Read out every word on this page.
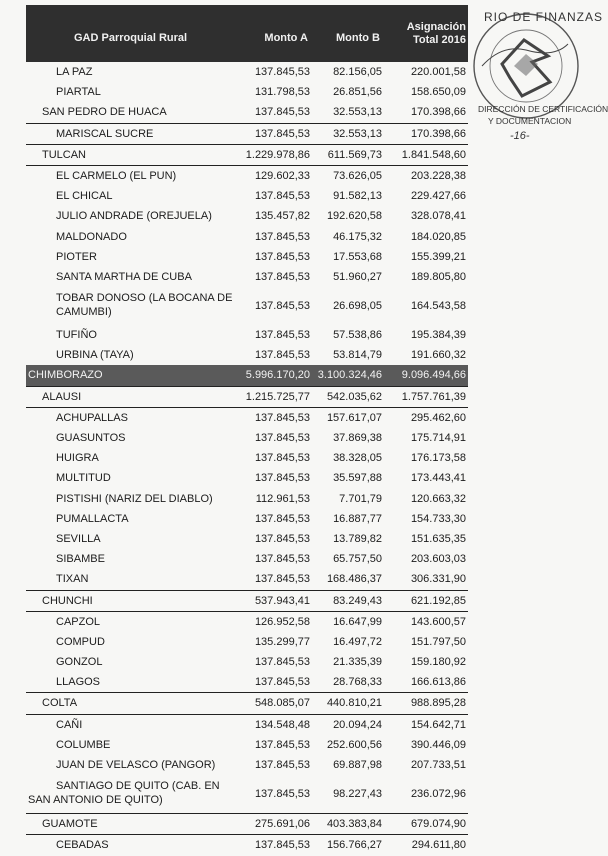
GAD Parroquial Rural	Monto A	Monto B
Asignación
Total 2016
LA PAZ	137.845,53 82.156,05	220.001,58
PIARTAL	131.798,53 26.851,56	158.650,09
SAN PEDRO DE HUACA	137.845,53 32.553,13	170.398,66
MARISCAL SUCRE	137.845,53 32.553,13	170.398,66
TULCAN	1.229.978,86 611.569,73 1.841.548,60
EL CARMELO (EL PUN)	129.602,33 73.626,05	203.228,38
EL CHICAL	137.845,53 91.582,13	229.427,66
JULIO ANDRADE (OREJUELA)	135.457,82 192.620,58	328.078,41
MALDONADO	137.845,53 46.175,32	184.020,85
PIOTER	137.845,53 17.553,68	155.399,21
SANTA MARTHA DE CUBA	137.845,53 51.960,27	189.805,80
TOBAR DONOSO (LA BOCANA DE CAMUMBI)	137.845,53 26.698,05	164.543,58
TUFIÑO	137.845,53 57.538,86	195.384,39
URBINA (TAYA)	137.845,53 53.814,79	191.660,32
CHIMBORAZO	5.996.170,20 3.100.324,46 9.096.494,66
ALAUSI	1.215.725,77 542.035,62 1.757.761,39
ACHUPALLAS	137.845,53 157.617,07	295.462,60
GUASUNTOS	137.845,53 37.869,38	175.714,91
HUIGRA	137.845,53 38.328,05	176.173,58
MULTITUD	137.845,53 35.597,88	173.443,41
PISTISHI (NARIZ DEL DIABLO)	112.961,53	7.701,79	120.663,32
PUMALLACTA	137.845,53 16.887,77	154.733,30
SEVILLA	137.845,53 13.789,82	151.635,35
SIBAMBE	137.845,53 65.757,50	203.603,03
TIXAN	137.845,53 168.486,37	306.331,90
CHUNCHI	537.943,41 83.249,43	621.192,85
CAPZOL	126.952,58 16.647,99	143.600,57
COMPUD	135.299,77 16.497,72	151.797,50
GONZOL	137.845,53 21.335,39	159.180,92
LLAGOS	137.845,53 28.768,33	166.613,86
COLTA	548.085,07 440.810,21	988.895,28
CAÑI	134.548,48 20.094,24	154.642,71
COLUMBE	137.845,53 252.600,56	390.446,09
JUAN DE VELASCO (PANGOR)	137.845,53 69.887,98	207.733,51
SANTIAGO DE QUITO (CAB. EN SAN ANTONIO DE QUITO)	137.845,53 98.227,43	236.072,96
GUAMOTE	275.691,06 403.383,84	679.074,90
CEBADAS	137.845,53 156.766,27	294.611,80
RIO DE FINANZAS
DIRECCIÓN DE CERTIFICACIÓN
Y DOCUMENTACION
-16-
